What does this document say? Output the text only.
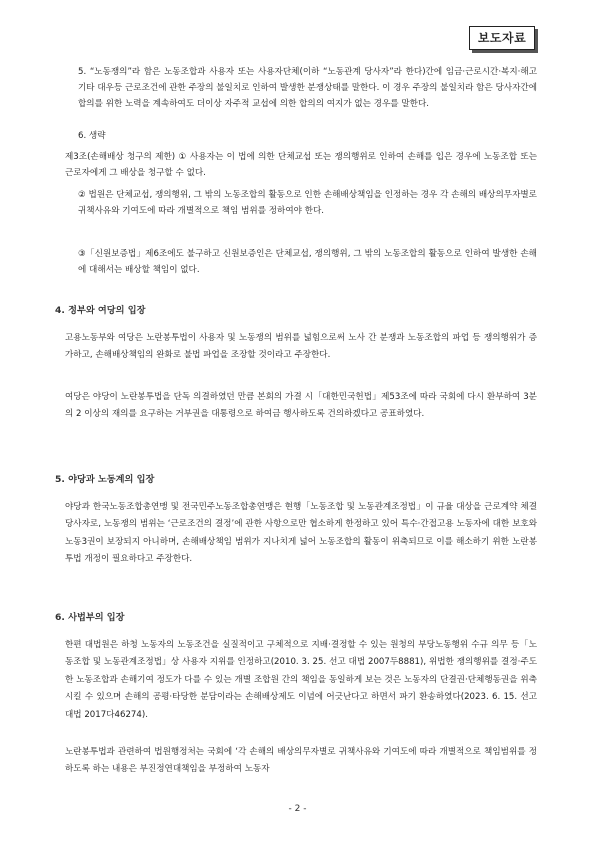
보도자료
5. “노동쟁의”라 함은 노동조합과 사용자 또는 사용자단체(이하 “노동관계 당사자”라 한다)간에 임금·근로시간·복지·해고 기타 대우등 근로조건에 관한 주장의 불일치로 인하여 발생한 분쟁상태를 말한다. 이 경우 주장의 불일치라 함은 당사자간에 합의를 위한 노력을 계속하여도 더이상 자주적 교섭에 의한 합의의 여지가 없는 경우를 말한다.
6. 생략
제3조(손해배상 청구의 제한) ① 사용자는 이 법에 의한 단체교섭 또는 쟁의행위로 인하여 손해를 입은 경우에 노동조합 또는 근로자에게 그 배상을 청구할 수 없다.
② 법원은 단체교섭, 쟁의행위, 그 밖의 노동조합의 활동으로 인한 손해배상책임을 인정하는 경우 각 손해의 배상의무자별로 귀책사유와 기여도에 따라 개별적으로 책임 범위를 정하여야 한다.
③「신원보증법」제6조에도 불구하고 신원보증인은 단체교섭, 쟁의행위, 그 밖의 노동조합의 활동으로 인하여 발생한 손해에 대해서는 배상할 책임이 없다.
4. 정부와 여당의 입장
고용노동부와 여당은 노란봉투법이 사용자 및 노동쟁의 범위를 넓힘으로써 노사 간 분쟁과 노동조합의 파업 등 쟁의행위가 증가하고, 손해배상책임의 완화로 불법 파업을 조장할 것이라고 주장한다.
여당은 야당이 노란봉투법을 단독 의결하였던 만큼 본회의 가결 시「대한민국헌법」제53조에 따라 국회에 다시 환부하여 3분의 2 이상의 재의를 요구하는 거부권을 대통령으로 하여금 행사하도록 건의하겠다고 공표하였다.
5. 야당과 노동계의 입장
야당과 한국노동조합총연맹 및 전국민주노동조합총연맹은 현행「노동조합 및 노동관계조정법」이 규율 대상을 근로계약 체결 당사자로, 노동쟁의 범위는 ‘근로조건의 결정’에 관한 사항으로만 협소하게 한정하고 있어 특수·간접고용 노동자에 대한 보호와 노동3권이 보장되지 아니하며, 손해배상책임 범위가 지나치게 넓어 노동조합의 활동이 위축되므로 이를 해소하기 위한 노란봉투법 개정이 필요하다고 주장한다.
6. 사법부의 입장
한편 대법원은 하청 노동자의 노동조건을 실질적이고 구체적으로 지배·결정할 수 있는 원청의 부당노동행위 수규 의무 등「노동조합 및 노동관계조정법」상 사용자 지위를 인정하고(2010. 3. 25. 선고 대법 2007두8881), 위법한 쟁의행위를 결정·주도한 노동조합과 손해기여 정도가 다를 수 있는 개별 조합원 간의 책임을 동일하게 보는 것은 노동자의 단결권·단체행동권을 위축시킬 수 있으며 손해의 공평·타당한 분담이라는 손해배상제도 이념에 어긋난다고 하면서 파기 환송하였다(2023. 6. 15. 선고 대법 2017다46274).
노란봉투법과 관련하여 법원행정처는 국회에 ‘각 손해의 배상의무자별로 귀책사유와 기여도에 따라 개별적으로 책임범위를 정하도록 하는 내용은 부진정연대책임을 부정하여 노동자
- 2 -
